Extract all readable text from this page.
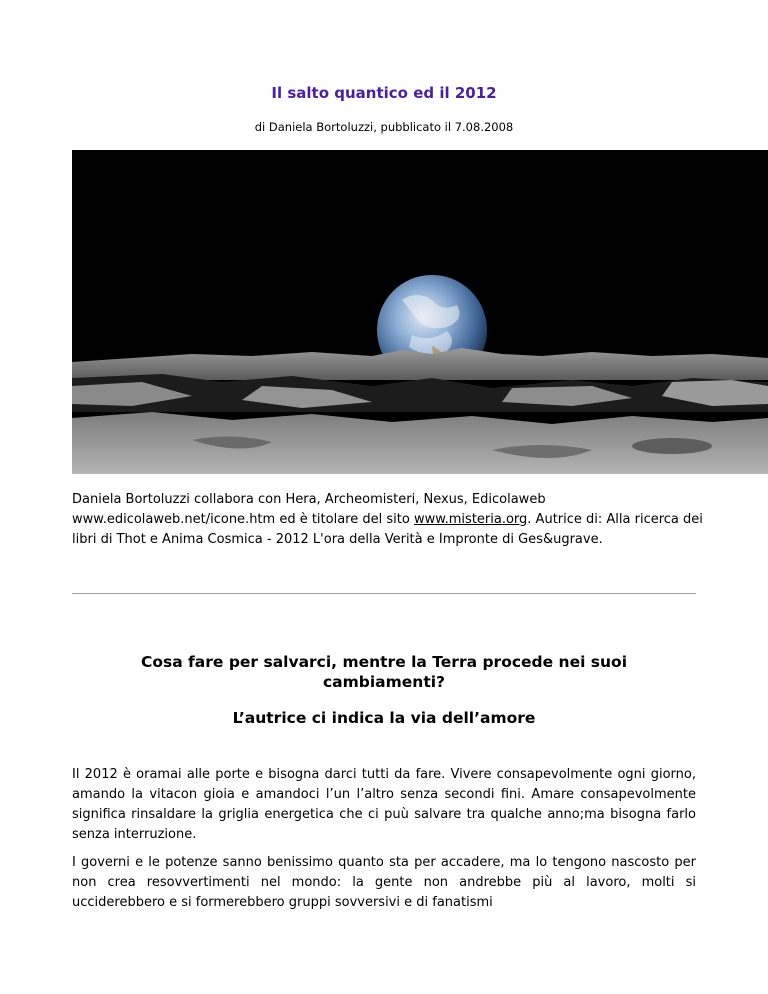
Il salto quantico ed il 2012
di Daniela Bortoluzzi, pubblicato il 7.08.2008
Daniela Bortoluzzi collabora con Hera, Archeomisteri, Nexus, Edicolaweb www.edicolaweb.net/icone.htm ed è titolare del sito www.misteria.org. Autrice di: Alla ricerca dei libri di Thot e Anima Cosmica - 2012 L'ora della Verità e Impronte di Ges&ugrave.
Cosa fare per salvarci, mentre la Terra procede nei suoi cambiamenti?
L’autrice ci indica la via dell’amore
Il 2012 è oramai alle porte e bisogna darci tutti da fare. Vivere consapevolmente ogni giorno, amando la vitacon gioia e amandoci l’un l’altro senza secondi fini. Amare consapevolmente significa rinsaldare la griglia energetica che ci puù salvare tra qualche anno;ma bisogna farlo senza interruzione.
I governi e le potenze sanno benissimo quanto sta per accadere, ma lo tengono nascosto per non crea resovvertimenti nel mondo: la gente non andrebbe più al lavoro, molti si ucciderebbero e si formerebbero gruppi sovversivi e di fanatismi
